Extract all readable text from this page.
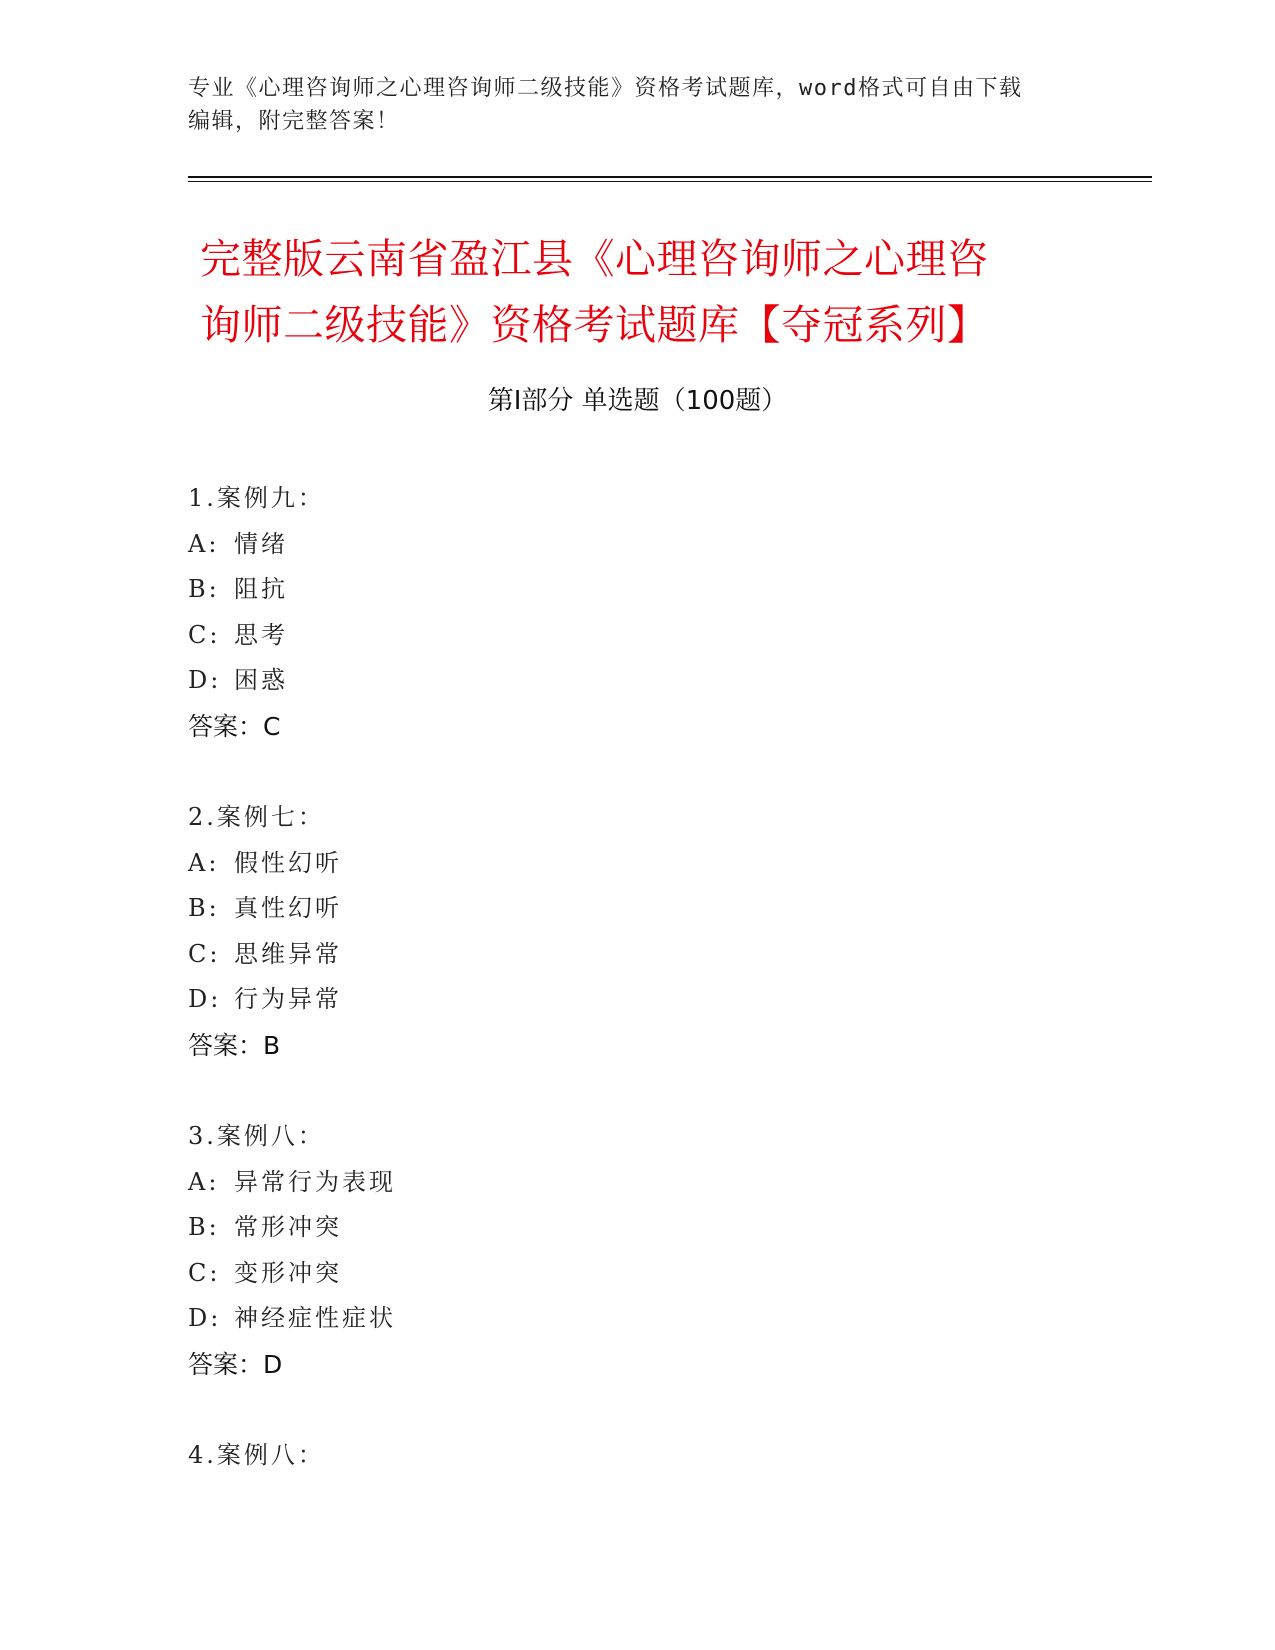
专业《心理咨询师之心理咨询师二级技能》资格考试题库，word格式可自由下载
编辑，附完整答案！
完整版云南省盈江县《心理咨询师之心理咨
询师二级技能》资格考试题库【夺冠系列】
第Ⅰ部分 单选题（100题）
1.案例九：
A: 情绪
B: 阻抗
C: 思考
D: 困惑
答案：C
2.案例七：
A: 假性幻听
B: 真性幻听
C: 思维异常
D: 行为异常
答案：B
3.案例八：
A: 异常行为表现
B: 常形冲突
C: 变形冲突
D: 神经症性症状
答案：D
4.案例八：
